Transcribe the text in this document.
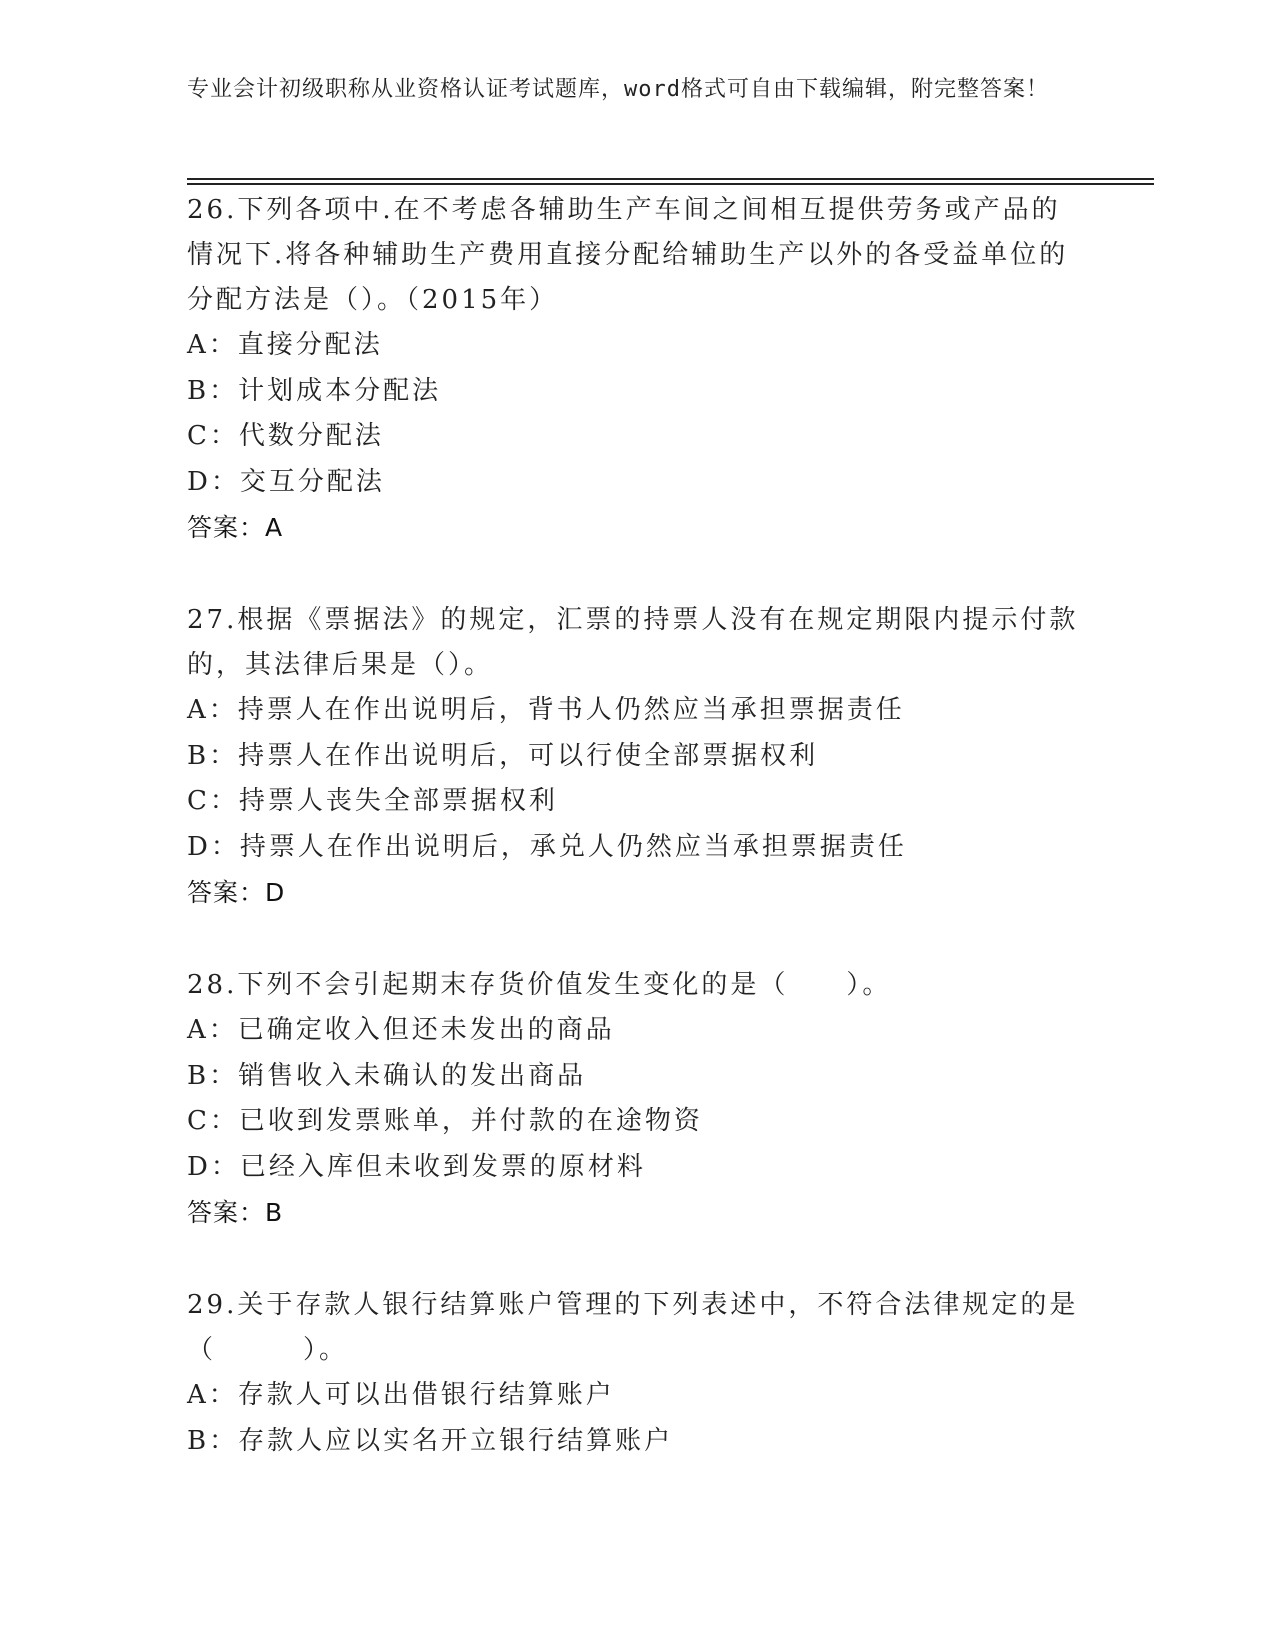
专业会计初级职称从业资格认证考试题库，word格式可自由下载编辑，附完整答案！
26.下列各项中.在不考虑各辅助生产车间之间相互提供劳务或产品的情况下.将各种辅助生产费用直接分配给辅助生产以外的各受益单位的分配方法是（）。（2015年）
A：直接分配法
B：计划成本分配法
C：代数分配法
D：交互分配法
答案：A
27.根据《票据法》的规定，汇票的持票人没有在规定期限内提示付款的，其法律后果是（）。
A：持票人在作出说明后，背书人仍然应当承担票据责任
B：持票人在作出说明后，可以行使全部票据权利
C：持票人丧失全部票据权利
D：持票人在作出说明后，承兑人仍然应当承担票据责任
答案：D
28.下列不会引起期末存货价值发生变化的是（　　）。
A：已确定收入但还未发出的商品
B：销售收入未确认的发出商品
C：已收到发票账单，并付款的在途物资
D：已经入库但未收到发票的原材料
答案：B
29.关于存款人银行结算账户管理的下列表述中，不符合法律规定的是（　　　）。
A：存款人可以出借银行结算账户
B：存款人应以实名开立银行结算账户
